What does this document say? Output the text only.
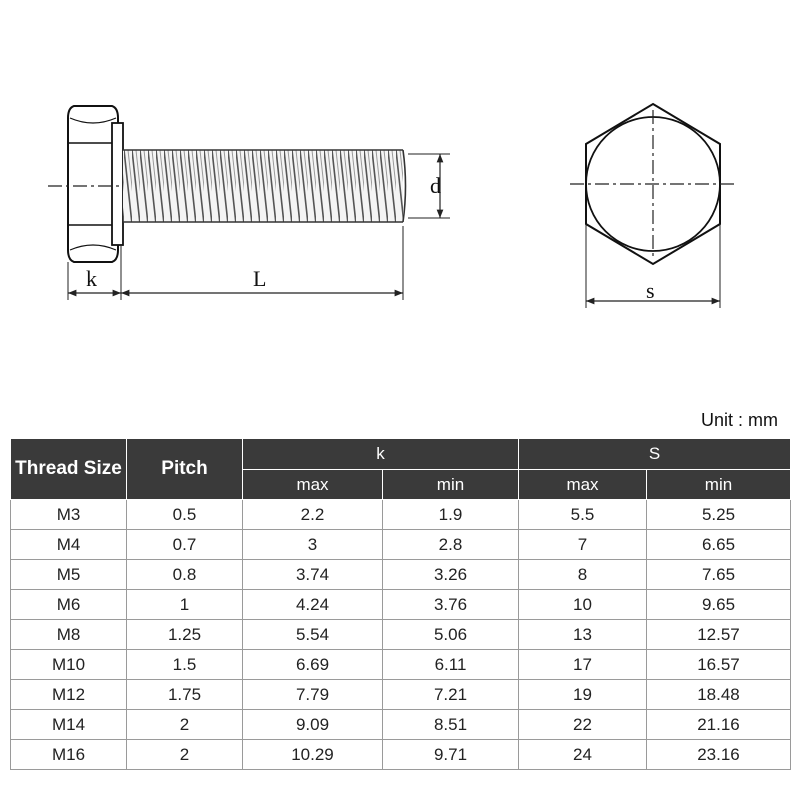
k	L
d
s
Unit : mm
Thread Size	Pitch	k		S	
		max	min	max	min
M3	0.5	2.2	1.9	5.5	5.25
M4	0.7	3	2.8	7	6.65
M5	0.8	3.74	3.26	8	7.65
M6	1	4.24	3.76	10	9.65
M8	1.25	5.54	5.06	13	12.57
M10	1.5	6.69	6.11	17	16.57
M12	1.75	7.79	7.21	19	18.48
M14	2	9.09	8.51	22	21.16
M16	2	10.29	9.71	24	23.16
